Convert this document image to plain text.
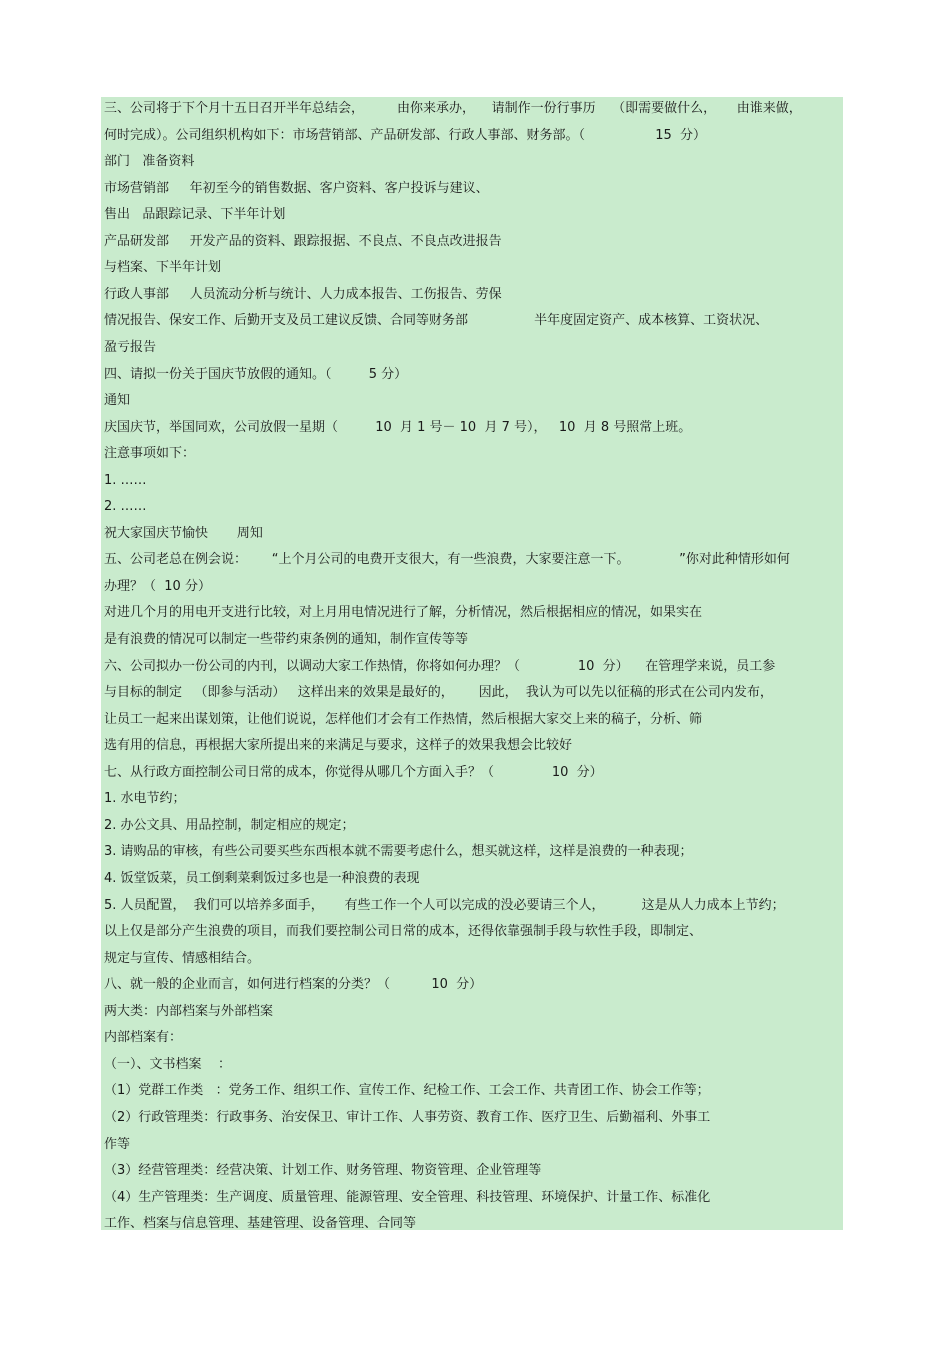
三、公司将于下个月十五日召开半年总结会，        由你来承办，    请制作一份行事历    （即需要做什么，     由谁来做，
何时完成）。公司组织机构如下：市场营销部、产品研发部、行政人事部、财务部。（                 15  分）
部门   准备资料
市场营销部     年初至今的销售数据、客户资料、客户投诉与建议、
售出   品跟踪记录、下半年计划
产品研发部     开发产品的资料、跟踪报据、不良点、不良点改进报告
与档案、下半年计划
行政人事部     人员流动分析与统计、人力成本报告、工伤报告、劳保
情况报告、保安工作、后勤开支及员工建议反馈、合同等财务部                半年度固定资产、成本核算、工资状况、
盈亏报告
四、请拟一份关于国庆节放假的通知。（         5 分）
通知
庆国庆节，举国同欢，公司放假一星期（         10  月 1 号－ 10  月 7 号），   10  月 8 号照常上班。
注意事项如下：
1. ……
2. ……
祝大家国庆节愉快       周知
五、公司老总在例会说：      “上个月公司的电费开支很大，有一些浪费，大家要注意一下。            ”你对此种情形如何
办理？（  10 分）
对进几个月的用电开支进行比较，对上月用电情况进行了解，分析情况，然后根据相应的情况，如果实在
是有浪费的情况可以制定一些带约束条例的通知，制作宣传等等
六、公司拟办一份公司的内刊，以调动大家工作热情，你将如何办理？（              10  分）    在管理学来说，员工参
与目标的制定   （即参与活动）   这样出来的效果是最好的，      因此，  我认为可以先以征稿的形式在公司内发布，
让员工一起来出谋划策，让他们说说，怎样他们才会有工作热情，然后根据大家交上来的稿子，分析、筛
选有用的信息，再根据大家所提出来的来满足与要求，这样子的效果我想会比较好
七、从行政方面控制公司日常的成本，你觉得从哪几个方面入手？（              10  分）
1. 水电节约；
2. 办公文具、用品控制，制定相应的规定；
3. 请购品的审核，有些公司要买些东西根本就不需要考虑什么，想买就这样，这样是浪费的一种表现；
4. 饭堂饭菜，员工倒剩菜剩饭过多也是一种浪费的表现
5. 人员配置，  我们可以培养多面手，     有些工作一个人可以完成的没必要请三个人，         这是从人力成本上节约；
以上仅是部分产生浪费的项目，而我们要控制公司日常的成本，还得依靠强制手段与软性手段，即制定、
规定与宣传、情感相结合。
八、就一般的企业而言，如何进行档案的分类？（          10  分）
两大类：内部档案与外部档案
内部档案有：
（一）、文书档案    ：
（1）党群工作类   ：党务工作、组织工作、宣传工作、纪检工作、工会工作、共青团工作、协会工作等；
（2）行政管理类：行政事务、治安保卫、审计工作、人事劳资、教育工作、医疗卫生、后勤福利、外事工
作等
（3）经营管理类：经营决策、计划工作、财务管理、物资管理、企业管理等
（4）生产管理类：生产调度、质量管理、能源管理、安全管理、科技管理、环境保护、计量工作、标准化
工作、档案与信息管理、基建管理、设备管理、合同等
